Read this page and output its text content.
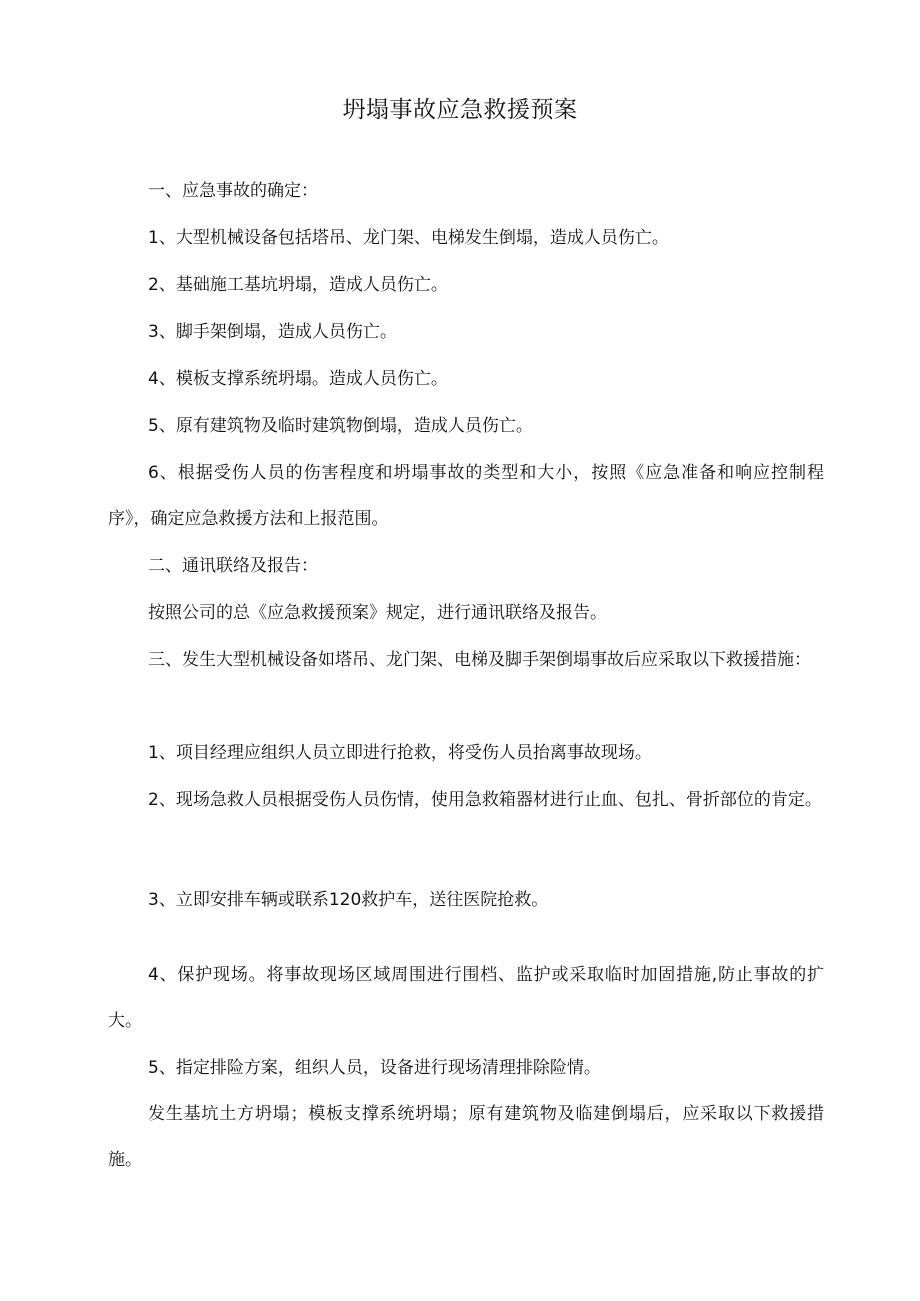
坍塌事故应急救援预案

一、应急事故的确定：

1、大型机械设备包括塔吊、龙门架、电梯发生倒塌，造成人员伤亡。

2、基础施工基坑坍塌，造成人员伤亡。

3、脚手架倒塌，造成人员伤亡。

4、模板支撑系统坍塌。造成人员伤亡。

5、原有建筑物及临时建筑物倒塌，造成人员伤亡。

6、根据受伤人员的伤害程度和坍塌事故的类型和大小，按照《应急准备和响应控制程序》，确定应急救援方法和上报范围。

二、通讯联络及报告：

按照公司的总《应急救援预案》规定，进行通讯联络及报告。

三、发生大型机械设备如塔吊、龙门架、电梯及脚手架倒塌事故后应采取以下救援措施：

1、项目经理应组织人员立即进行抢救，将受伤人员抬离事故现场。

2、现场急救人员根据受伤人员伤情，使用急救箱器材进行止血、包扎、骨折部位的肯定。

3、立即安排车辆或联系120救护车，送往医院抢救。

4、保护现场。将事故现场区域周围进行围档、监护或采取临时加固措施,防止事故的扩大。

5、指定排险方案，组织人员，设备进行现场清理排除险情。

发生基坑土方坍塌；模板支撑系统坍塌；原有建筑物及临建倒塌后，应采取以下救援措施。
